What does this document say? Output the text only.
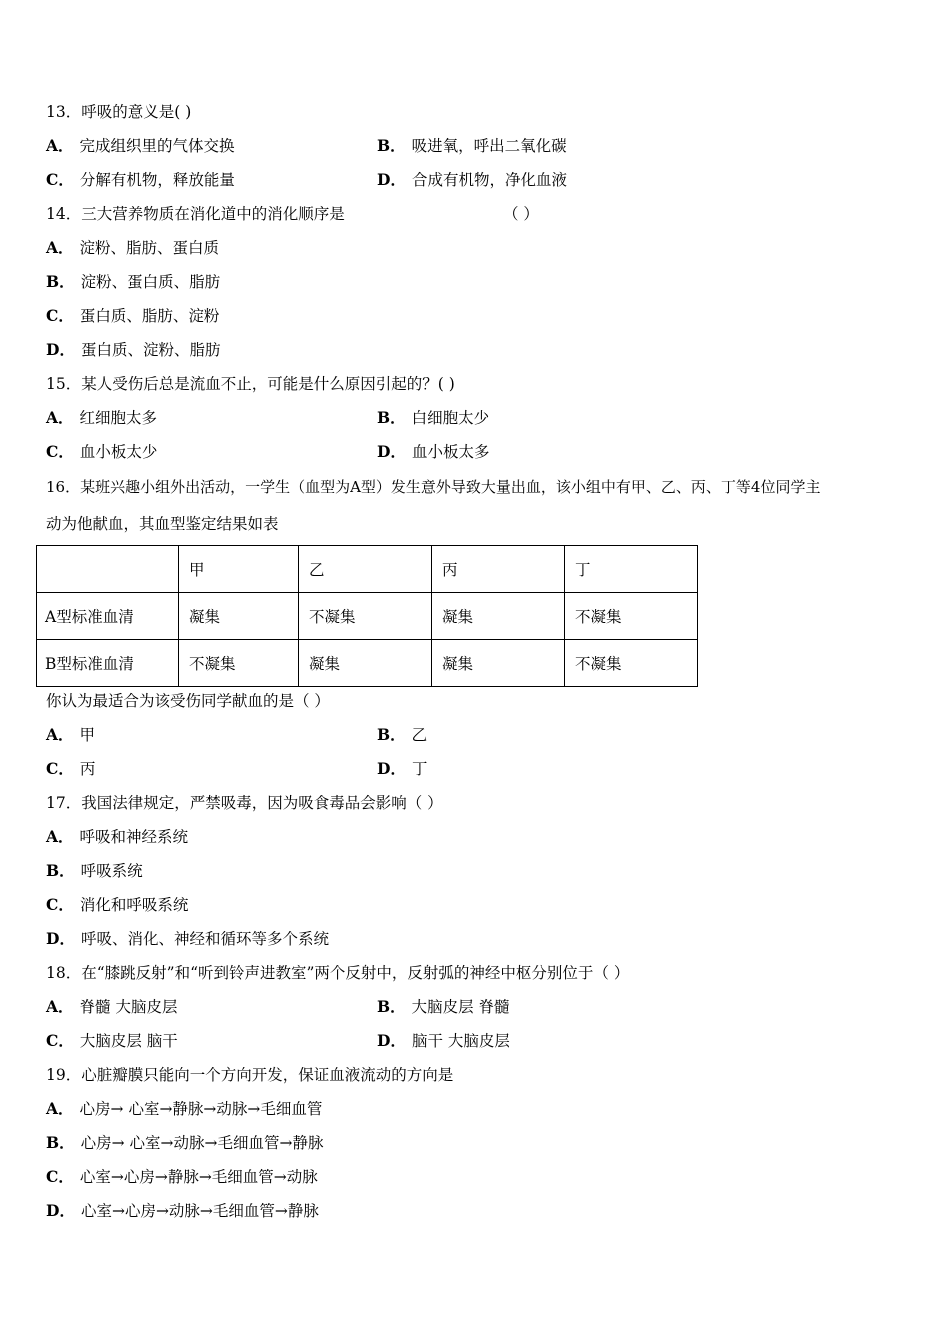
13．呼吸的意义是( )
A． 完成组织里的气体交换	B． 吸进氧，呼出二氧化碳
C． 分解有机物，释放能量	D． 合成有机物，净化血液
14．三大营养物质在消化道中的消化顺序是	（ ）
A． 淀粉、脂肪、蛋白质
B． 淀粉、蛋白质、脂肪
C． 蛋白质、脂肪、淀粉
D． 蛋白质、淀粉、脂肪
15．某人受伤后总是流血不止，可能是什么原因引起的？( )
A． 红细胞太多	B． 白细胞太少
C． 血小板太少	D． 血小板太多
16．某班兴趣小组外出活动，一学生（血型为A型）发生意外导致大量出血，该小组中有甲、乙、丙、丁等4位同学主
动为他献血，其血型鉴定结果如表
	甲	乙	丙	丁
A型标准血清	凝集	不凝集	凝集	不凝集
B型标准血清	不凝集	凝集	凝集	不凝集
你认为最适合为该受伤同学献血的是（ ）
A． 甲	B． 乙
C． 丙	D． 丁
17．我国法律规定，严禁吸毒，因为吸食毒品会影响（ ）
A． 呼吸和神经系统
B． 呼吸系统
C． 消化和呼吸系统
D． 呼吸、消化、神经和循环等多个系统
18．在“膝跳反射”和“听到铃声进教室”两个反射中，反射弧的神经中枢分别位于（ ）
A． 脊髓 大脑皮层	B． 大脑皮层 脊髓
C． 大脑皮层 脑干	D． 脑干 大脑皮层
19．心脏瓣膜只能向一个方向开发，保证血液流动的方向是
A． 心房→ 心室→静脉→动脉→毛细血管
B． 心房→ 心室→动脉→毛细血管→静脉
C． 心室→心房→静脉→毛细血管→动脉
D． 心室→心房→动脉→毛细血管→静脉
